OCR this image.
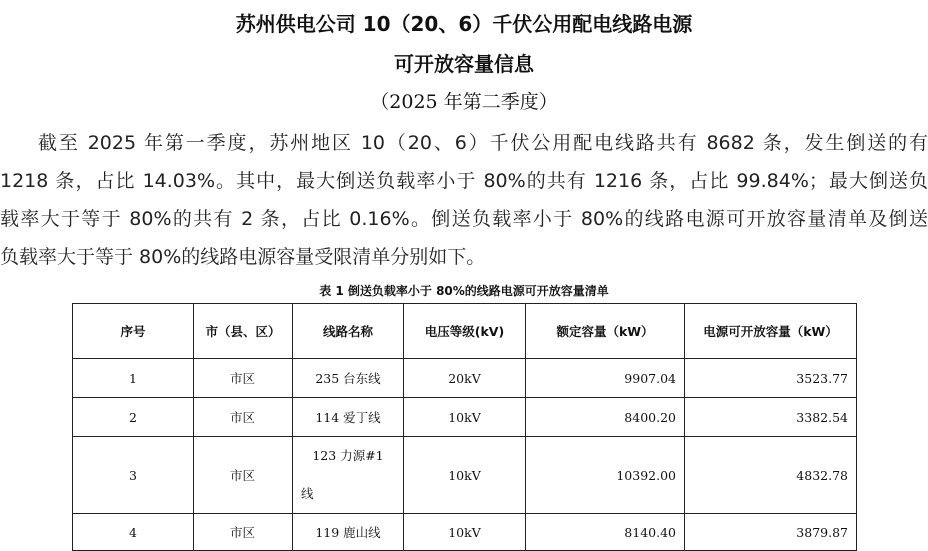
苏州供电公司 10（20、6）千伏公用配电线路电源
可开放容量信息
（2025 年第二季度）
截至 2025 年第一季度，苏州地区 10（20、6）千伏公用配电线路共有 8682 条，发生倒送的有
1218 条，占比 14.03%。其中，最大倒送负载率小于 80%的共有 1216 条，占比 99.84%；最大倒送负
载率大于等于 80%的共有 2 条，占比 0.16%。倒送负载率小于 80%的线路电源可开放容量清单及倒送
负载率大于等于 80%的线路电源容量受限清单分别如下。
表 1 倒送负载率小于 80%的线路电源可开放容量清单
序号	市（县、区）	线路名称	电压等级(kV)	额定容量（kW）	电源可开放容量（kW）
1	市区	235 台东线	20kV	9907.04	3523.77
2	市区	114 爱丁线	10kV	8400.20	3382.54
3	市区	123 力源#1
线	10kV	10392.00	4832.78
4	市区	119 鹿山线	10kV	8140.40	3879.87
